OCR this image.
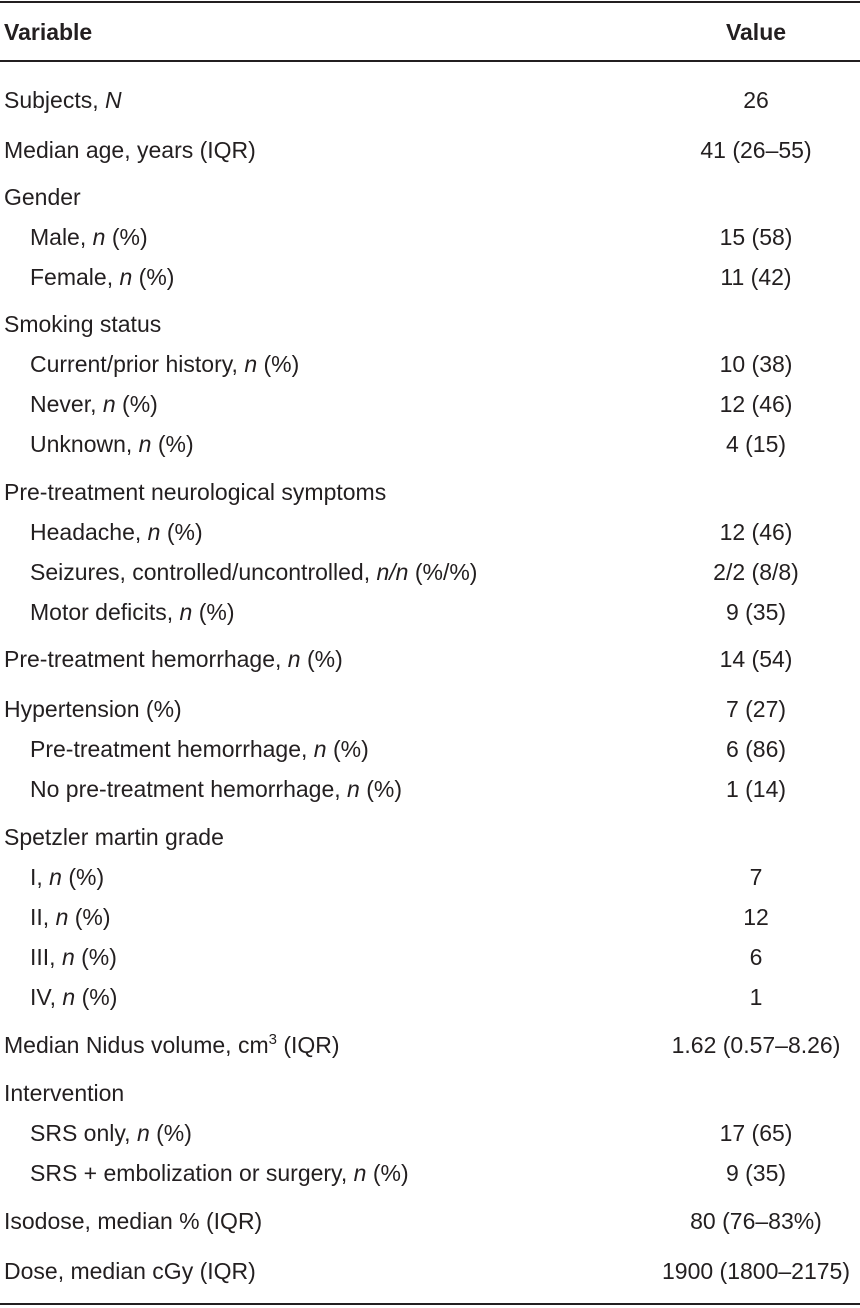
Variable	Value
Subjects, N	26
Median age, years (IQR)	41 (26–55)
Gender
Male, n (%)	15 (58)
Female, n (%)	11 (42)
Smoking status
Current/prior history, n (%)	10 (38)
Never, n (%)	12 (46)
Unknown, n (%)	4 (15)
Pre-treatment neurological symptoms
Headache, n (%)	12 (46)
Seizures, controlled/uncontrolled, n/n (%/%)	2/2 (8/8)
Motor deficits, n (%)	9 (35)
Pre-treatment hemorrhage, n (%)	14 (54)
Hypertension (%)	7 (27)
Pre-treatment hemorrhage, n (%)	6 (86)
No pre-treatment hemorrhage, n (%)	1 (14)
Spetzler martin grade
I, n (%)	7
II, n (%)	12
III, n (%)	6
IV, n (%)	1
Median Nidus volume, $cm^3$ (IQR)	1.62 (0.57–8.26)
Intervention
SRS only, n (%)	17 (65)
SRS + embolization or surgery, n (%)	9 (35)
Isodose, median % (IQR)	80 (76–83%)
Dose, median cGy (IQR)	1900 (1800–2175)
